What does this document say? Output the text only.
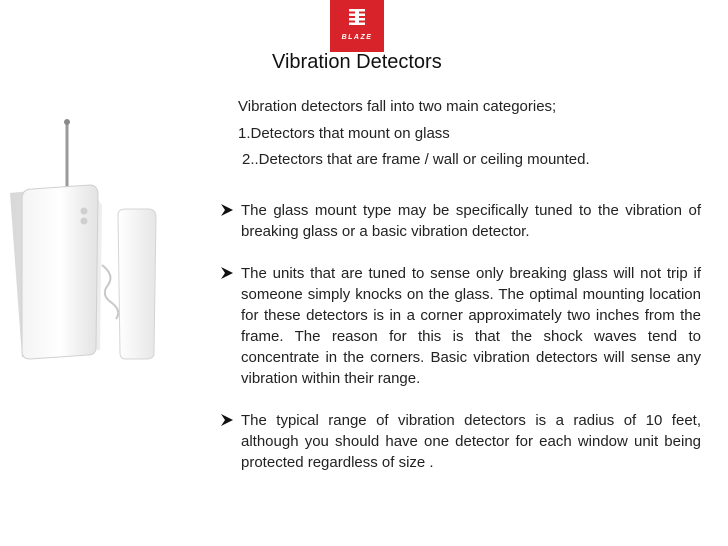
BLAZE
Vibration Detectors
Vibration detectors fall into two main categories;
1.Detectors that mount on glass
2..Detectors that are frame / wall or ceiling mounted.
The glass mount type may be specifically tuned to the vibration of breaking glass or a basic vibration detector.
The units that are tuned to sense only breaking glass will not trip if someone simply knocks on the glass. The optimal mounting location for these detectors is in a corner approximately two inches from the frame. The reason for this is that the shock waves tend to concentrate in the corners. Basic vibration detectors will sense any vibration within their range.
The typical range of vibration detectors is a radius of 10 feet, although you should have one detector for each window unit being protected regardless of size .
